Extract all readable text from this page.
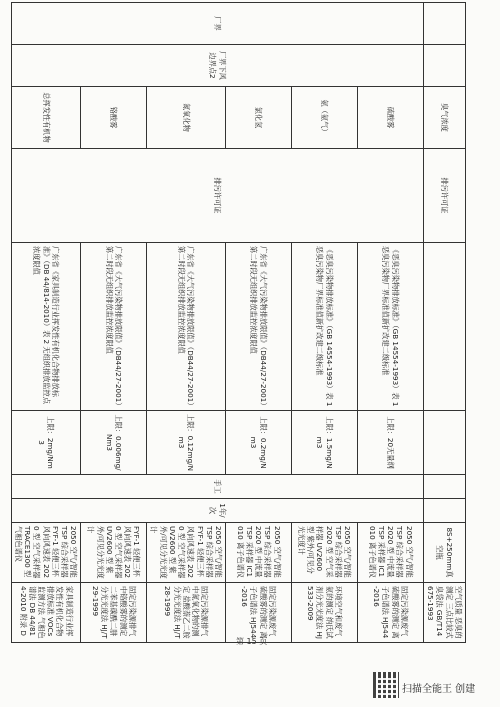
		臭气浓度	排污许可证					8S+250mm真空瓶	空气质量 恶臭的测定 三点比较式臭袋法 GB/T14675-1993
厂界	厂界下风边界点2	硫酸雾	排污许可证	《恶臭污染物排放标准》（GB 14554-1993）表 1 恶臭污染物厂界标准值新扩改建二级标准	上限：20无量纲	手工	1年/次	2050 空气/智能 TSP 综合采样器 2020 型 中流量 TSP 采样器 IC1010 离子色谱仪	固定污染源废气 硫酸雾的测定 离子色谱法 HJ544-2016
		氨（氨气）		《恶臭污染物排放标准》（GB 14554-1993）表 1 恶臭污染物厂界标准值新扩改建二级标准	上限：1.5mg/Nm3			2050 空气/智能 TSP 综合采样器 2020 型 空气采样器 UV2600 型 紫外/可见分光光度计	环境空气和废气 氨的测定 纳氏试剂分光光度法 HJ 533-2009
		氯化氢		广东省《大气污染物排放限值》（DB44/27-2001）第二时段无组织排放监控浓度限值	上限：0.2mg/Nm3			2050 空气/智能 TSP 综合采样器 2020 型 中流量 TSP 采样器 IC1010 离子色谱仪	固定污染源废气 硫酸雾的测定 离子色谱法 HJ544-2016
		氮氧化物		广东省《大气污染物排放限值》（DB44/27-2001）第二时段无组织排放监控浓度限值	上限：0.12mg/Nm3			2050 空气/智能 TSP 综合采样器 FYF-1 轻便三杯风向风速表 2020 型 空气采样器 UV2600 型 紫外/可见分光光度计	固定污染源排气中氮氧化物的测定 盐酸萘乙二胺分光光度法 HJ/T 28-1999
		铬酸雾		广东省《大气污染物排放限值》（DB44/27-2001）第二时段无组织排放监控浓度限值	上限：0.006mg/Nm3			FYF-1 轻便三杯风向风速表 2020 型 空气采样器 UV2600 型 紫外/可见分光光度计	固定污染源排气中铬酸雾的测定 二苯基碳酰二肼分光光度法 HJ/T 29-1999
		总挥发性有机物		广东省《家具制造行业挥发性有机化合物排放标准》（DB 44/814-2010）表 2 无组织排放监控点浓度限值	上限：2mg/Nm3			2050 空气/智能 TSP 综合采样器 FYF-1 轻便三杯风向风速表 2020 型 空气采样器 TRACE1300 型 气相色谱仪	家具制造行业挥发性有机化合物排放标准 VOCs 监测方法 气相色谱法 DB 44/814-2010 附录 D
第 15 页
扫描全能王 创建
